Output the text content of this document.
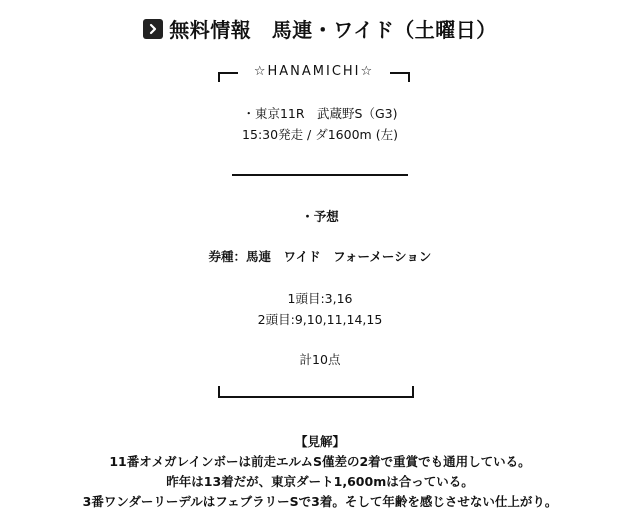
無料情報　馬連・ワイド（土曜日）
☆HANAMICHI☆
・東京11R　武蔵野S（G3)
15:30発走 / ダ1600m (左)
・予想
券種：馬連　ワイド　フォーメーション
1頭目:3,16
2頭目:9,10,11,14,15
計10点
【見解】
11番オメガレインボーは前走エルムS僅差の2着で重賞でも通用している。
昨年は13着だが、東京ダート1,600mは合っている。
3番ワンダーリーデルはフェブラリーSで3着。そして年齢を感じさせない仕上がり。
